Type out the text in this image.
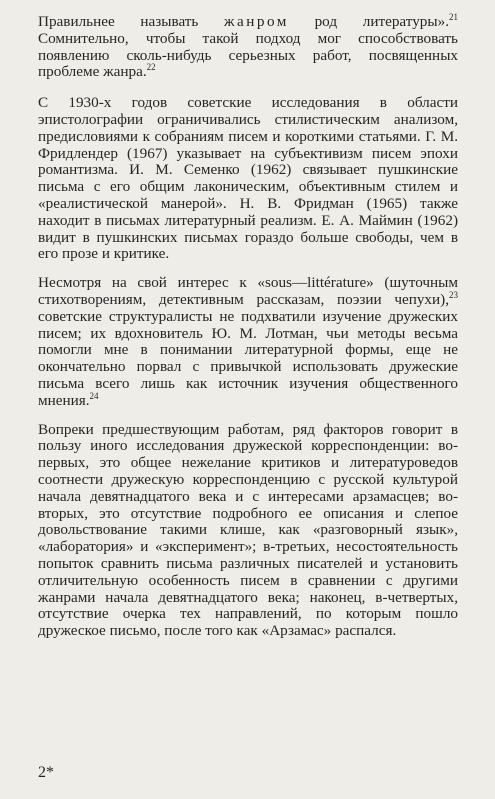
Правильнее называть жанром род литературы».$^{21}$ Сомнительно, чтобы такой подход мог способствовать появлению сколь-нибудь серьезных работ, посвященных проблеме жанра.$^{22}$

С 1930-х годов советские исследования в области эпистолографии ограничивались стилистическим анализом, предисловиями к собраниям писем и короткими статьями. Г. М. Фридлендер (1967) указывает на субъективизм писем эпохи романтизма. И. М. Семенко (1962) связывает пушкинские письма с его общим лаконическим, объективным стилем и «реалистической манерой». Н. В. Фридман (1965) также находит в письмах литературный реализм. Е. А. Маймин (1962) видит в пушкинских письмах гораздо больше свободы, чем в его прозе и критике.

Несмотря на свой интерес к «sous—littérature» (шуточным стихотворениям, детективным рассказам, поэзии чепухи),$^{23}$ советские структуралисты не подхватили изучение дружеских писем; их вдохновитель Ю. М. Лотман, чьи методы весьма помогли мне в понимании литературной формы, еще не окончательно порвал с привычкой использовать дружеские письма всего лишь как источник изучения общественного мнения.$^{24}$

Вопреки предшествующим работам, ряд факторов говорит в пользу иного исследования дружеской корреспонденции: во-первых, это общее нежелание критиков и литературоведов соотнести дружескую корреспонденцию с русской культурой начала девятнадцатого века и с интересами арзамасцев; во-вторых, это отсутствие подробного ее описания и слепое довольствование такими клише, как «разговорный язык», «лаборатория» и «эксперимент»; в-третьих, несостоятельность попыток сравнить письма различных писателей и установить отличительную особенность писем в сравнении с другими жанрами начала девятнадцатого века; наконец, в-четвертых, отсутствие очерка тех направлений, по которым пошло дружеское письмо, после того как «Арзамас» распался.

2*
